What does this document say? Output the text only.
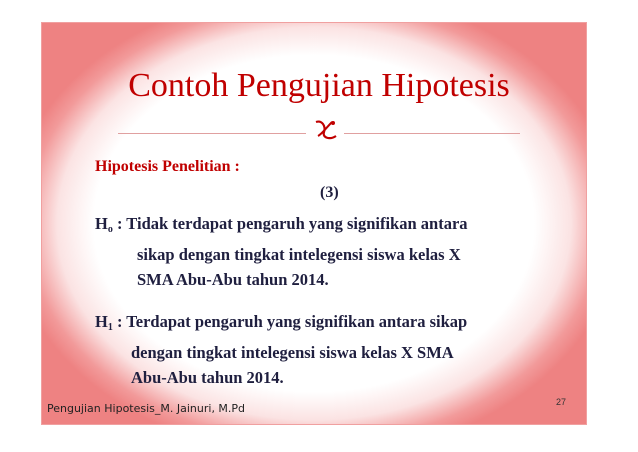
Contoh Pengujian Hipotesis
Hipotesis Penelitian :
(3)
$H_o$ : Tidak terdapat pengaruh yang signifikan antara
sikap dengan tingkat intelegensi siswa kelas X
SMA Abu-Abu tahun 2014.
$H_1$ : Terdapat pengaruh yang signifikan antara sikap
dengan tingkat intelegensi siswa kelas X SMA
Abu-Abu tahun 2014.
27
Pengujian Hipotesis_M. Jainuri, M.Pd
